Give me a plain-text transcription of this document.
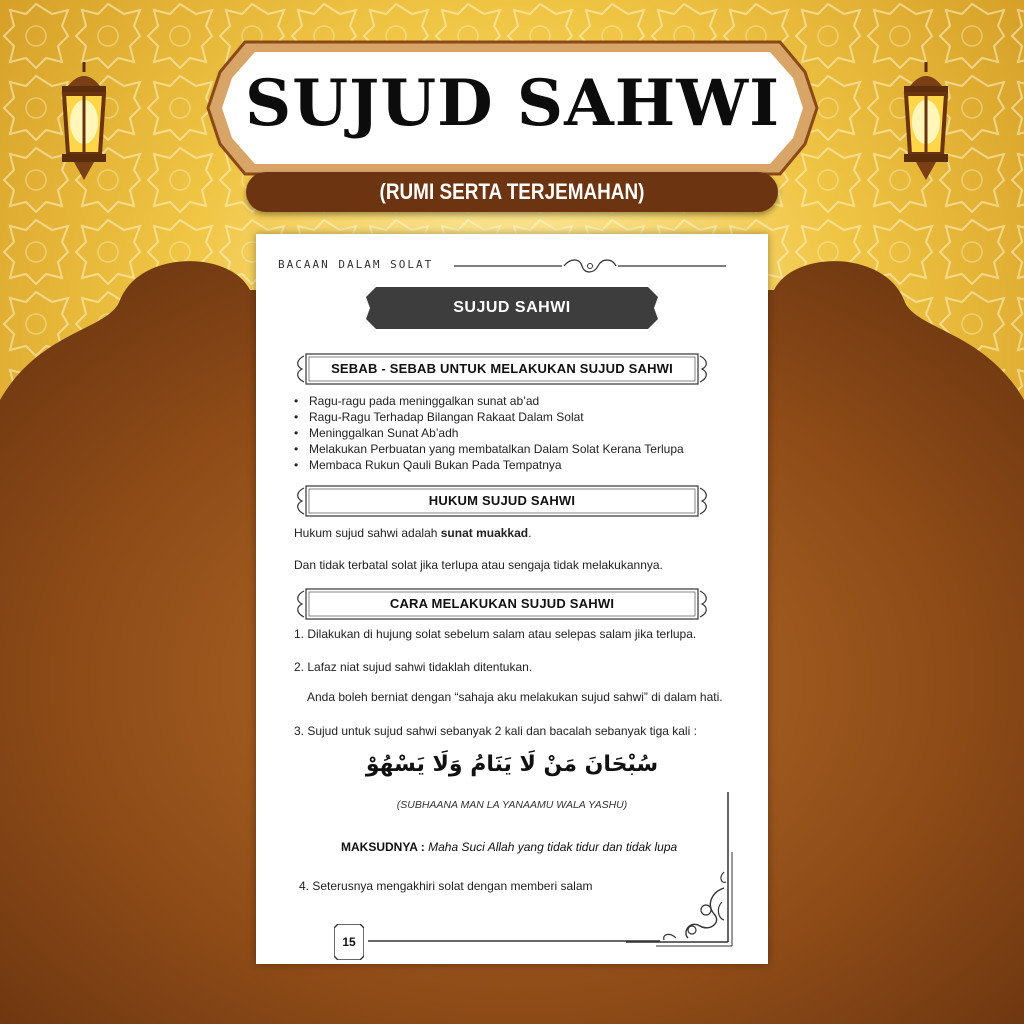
SUJUD SAHWI
(RUMI SERTA TERJEMAHAN)
BACAAN DALAM SOLAT
SUJUD SAHWI
SEBAB - SEBAB UNTUK MELAKUKAN SUJUD SAHWI
• Ragu-ragu pada meninggalkan sunat ab’ad
• Ragu-Ragu Terhadap Bilangan Rakaat Dalam Solat
• Meninggalkan Sunat Ab’adh
• Melakukan Perbuatan yang membatalkan Dalam Solat Kerana Terlupa
• Membaca Rukun Qauli Bukan Pada Tempatnya
HUKUM SUJUD SAHWI

Hukum sujud sahwi adalah sunat muakkad.

Dan tidak terbatal solat jika terlupa atau sengaja tidak melakukannya.

CARA MELAKUKAN SUJUD SAHWI

1. Dilakukan di hujung solat sebelum salam atau selepas salam jika terlupa.

2. Lafaz niat sujud sahwi tidaklah ditentukan.

Anda boleh berniat dengan “sahaja aku melakukan sujud sahwi” di dalam hati.

3. Sujud untuk sujud sahwi sebanyak 2 kali dan bacalah sebanyak tiga kali :

سُبْحَانَ مَنْ لَا يَنَامُ وَلَا يَسْهُوْ
(SUBHAANA MAN LA YANAAMU WALA YASHU)
MAKSUDNYA : Maha Suci Allah yang tidak tidur dan tidak lupa

4. Seterusnya mengakhiri solat dengan memberi salam

15
